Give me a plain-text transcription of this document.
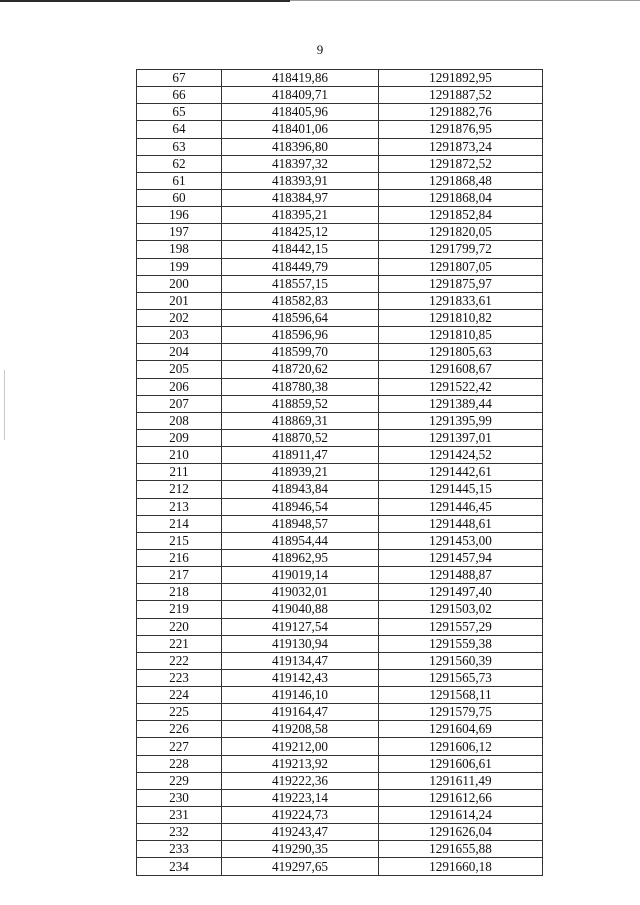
9
67	418419,86	1291892,95
66	418409,71	1291887,52
65	418405,96	1291882,76
64	418401,06	1291876,95
63	418396,80	1291873,24
62	418397,32	1291872,52
61	418393,91	1291868,48
60	418384,97	1291868,04
196	418395,21	1291852,84
197	418425,12	1291820,05
198	418442,15	1291799,72
199	418449,79	1291807,05
200	418557,15	1291875,97
201	418582,83	1291833,61
202	418596,64	1291810,82
203	418596,96	1291810,85
204	418599,70	1291805,63
205	418720,62	1291608,67
206	418780,38	1291522,42
207	418859,52	1291389,44
208	418869,31	1291395,99
209	418870,52	1291397,01
210	418911,47	1291424,52
211	418939,21	1291442,61
212	418943,84	1291445,15
213	418946,54	1291446,45
214	418948,57	1291448,61
215	418954,44	1291453,00
216	418962,95	1291457,94
217	419019,14	1291488,87
218	419032,01	1291497,40
219	419040,88	1291503,02
220	419127,54	1291557,29
221	419130,94	1291559,38
222	419134,47	1291560,39
223	419142,43	1291565,73
224	419146,10	1291568,11
225	419164,47	1291579,75
226	419208,58	1291604,69
227	419212,00	1291606,12
228	419213,92	1291606,61
229	419222,36	1291611,49
230	419223,14	1291612,66
231	419224,73	1291614,24
232	419243,47	1291626,04
233	419290,35	1291655,88
234	419297,65	1291660,18
